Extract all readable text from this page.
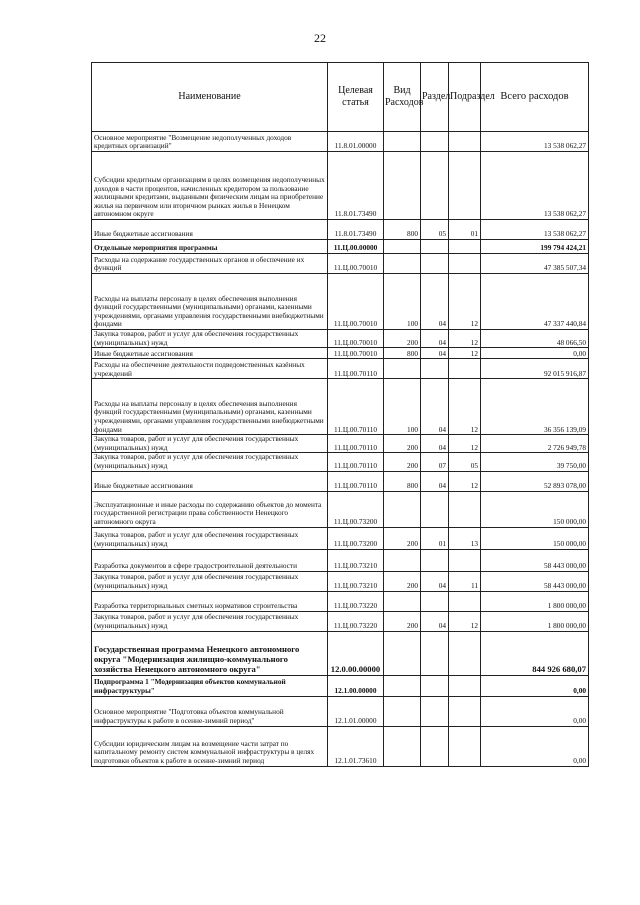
22
Наименование	Целевая статья	Вид Расходов	Раздел	Подраздел	Всего расходов
Основное мероприятие "Возмещение недополученных доходов кредитных организаций"	11.8.01.00000				13 538 062,27
Субсидии кредитным организациям в целях возмещения недополученных доходов в части процентов, начисленных кредитором за пользование жилищными кредитами, выданными физическим лицам на приобретение жилья на первичном или вторичном рынках жилья в Ненецком автономном округе	11.8.01.73490				13 538 062,27
Иные бюджетные ассигнования	11.8.01.73490	800	05	01	13 538 062,27
Отдельные мероприятия программы	11.Ц.00.00000				199 794 424,21
Расходы на содержание государственных органов и обеспечение их функций	11.Ц.00.70010				47 385 507,34
Расходы на выплаты персоналу в целях обеспечения выполнения функций государственными (муниципальными) органами, казенными учреждениями, органами управления государственными внебюджетными фондами	11.Ц.00.70010	100	04	12	47 337 440,84
Закупка товаров, работ и услуг для обеспечения государственных (муниципальных) нужд	11.Ц.00.70010	200	04	12	48 066,50
Иные бюджетные ассигнования	11.Ц.00.70010	800	04	12	0,00
Расходы на обеспечение деятельности подведомственных казённых учреждений	11.Ц.00.70110				92 015 916,87
Расходы на выплаты персоналу в целях обеспечения выполнения функций государственными (муниципальными) органами, казенными учреждениями, органами управления государственными внебюджетными фондами	11.Ц.00.70110	100	04	12	36 356 139,09
Закупка товаров, работ и услуг для обеспечения государственных (муниципальных) нужд	11.Ц.00.70110	200	04	12	2 726 949,78
Закупка товаров, работ и услуг для обеспечения государственных (муниципальных) нужд	11.Ц.00.70110	200	07	05	39 750,00
Иные бюджетные ассигнования	11.Ц.00.70110	800	04	12	52 893 078,00
Эксплуатационные и иные расходы по содержанию объектов до момента государственной регистрации права собственности Ненецкого автономного округа	11.Ц.00.73200				150 000,00
Закупка товаров, работ и услуг для обеспечения государственных (муниципальных) нужд	11.Ц.00.73200	200	01	13	150 000,00
Разработка документов в сфере градостроительной деятельности	11.Ц.00.73210				58 443 000,00
Закупка товаров, работ и услуг для обеспечения государственных (муниципальных) нужд	11.Ц.00.73210	200	04	11	58 443 000,00
Разработка территориальных сметных нормативов строительства	11.Ц.00.73220				1 800 000,00
Закупка товаров, работ и услуг для обеспечения государственных (муниципальных) нужд	11.Ц.00.73220	200	04	12	1 800 000,00
Государственная программа Ненецкого автономного округа "Модернизация жилищно-коммунального хозяйства Ненецкого автономного округа"	12.0.00.00000				844 926 680,07
Подпрограмма 1 "Модернизация объектов коммунальной инфраструктуры"	12.1.00.00000				0,00
Основное мероприятие "Подготовка объектов коммунальной инфраструктуры к работе в осенне-зимний период"	12.1.01.00000				0,00
Субсидии юридическим лицам на возмещение части затрат по капитальному ремонту систем коммунальной инфраструктуры в целях подготовки объектов к работе в осенне-зимний период	12.1.01.73610				0,00
